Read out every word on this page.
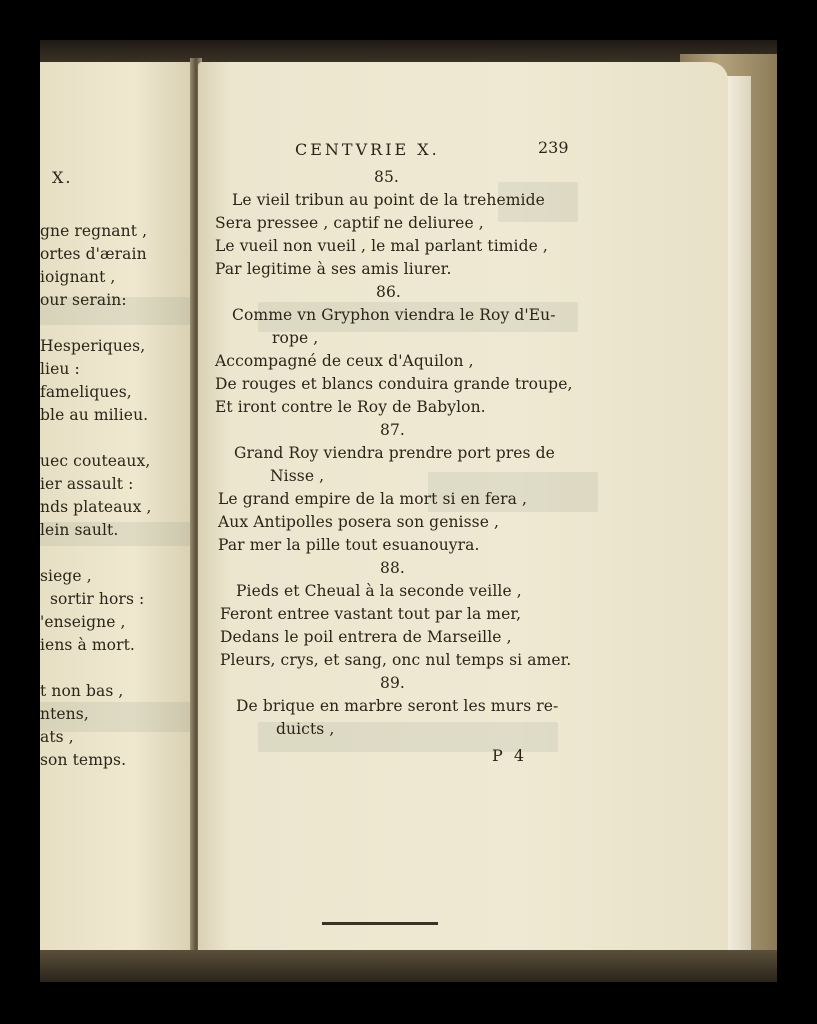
X.
gne regnant ,
ortes d'ærain
ioignant ,
our serain:
Hesperiques,
lieu :
fameliques,
ble au milieu.
uec couteaux,
ier assault :
nds plateaux ,
lein sault.
siege ,
sortir hors :
'enseigne ,
iens à mort.
t non bas ,
ntens,
ats ,
son temps.
CENTVRIE X.	239
85.
Le vieil tribun au point de la trehemide
Sera pressee , captif ne deliuree ,
Le vueil non vueil , le mal parlant timide ,
Par legitime à ses amis liurer.
86.
Comme vn Gryphon viendra le Roy d'Eu-
rope ,
Accompagné de ceux d'Aquilon ,
De rouges et blancs conduira grande troupe,
Et iront contre le Roy de Babylon.
87.
Grand Roy viendra prendre port pres de
Nisse ,
Le grand empire de la mort si en fera ,
Aux Antipolles posera son genisse ,
Par mer la pille tout esuanouyra.
88.
Pieds et Cheual à la seconde veille ,
Feront entree vastant tout par la mer,
Dedans le poil entrera de Marseille ,
Pleurs, crys, et sang, onc nul temps si amer.
89.
De brique en marbre seront les murs re-
duicts ,
P 4
